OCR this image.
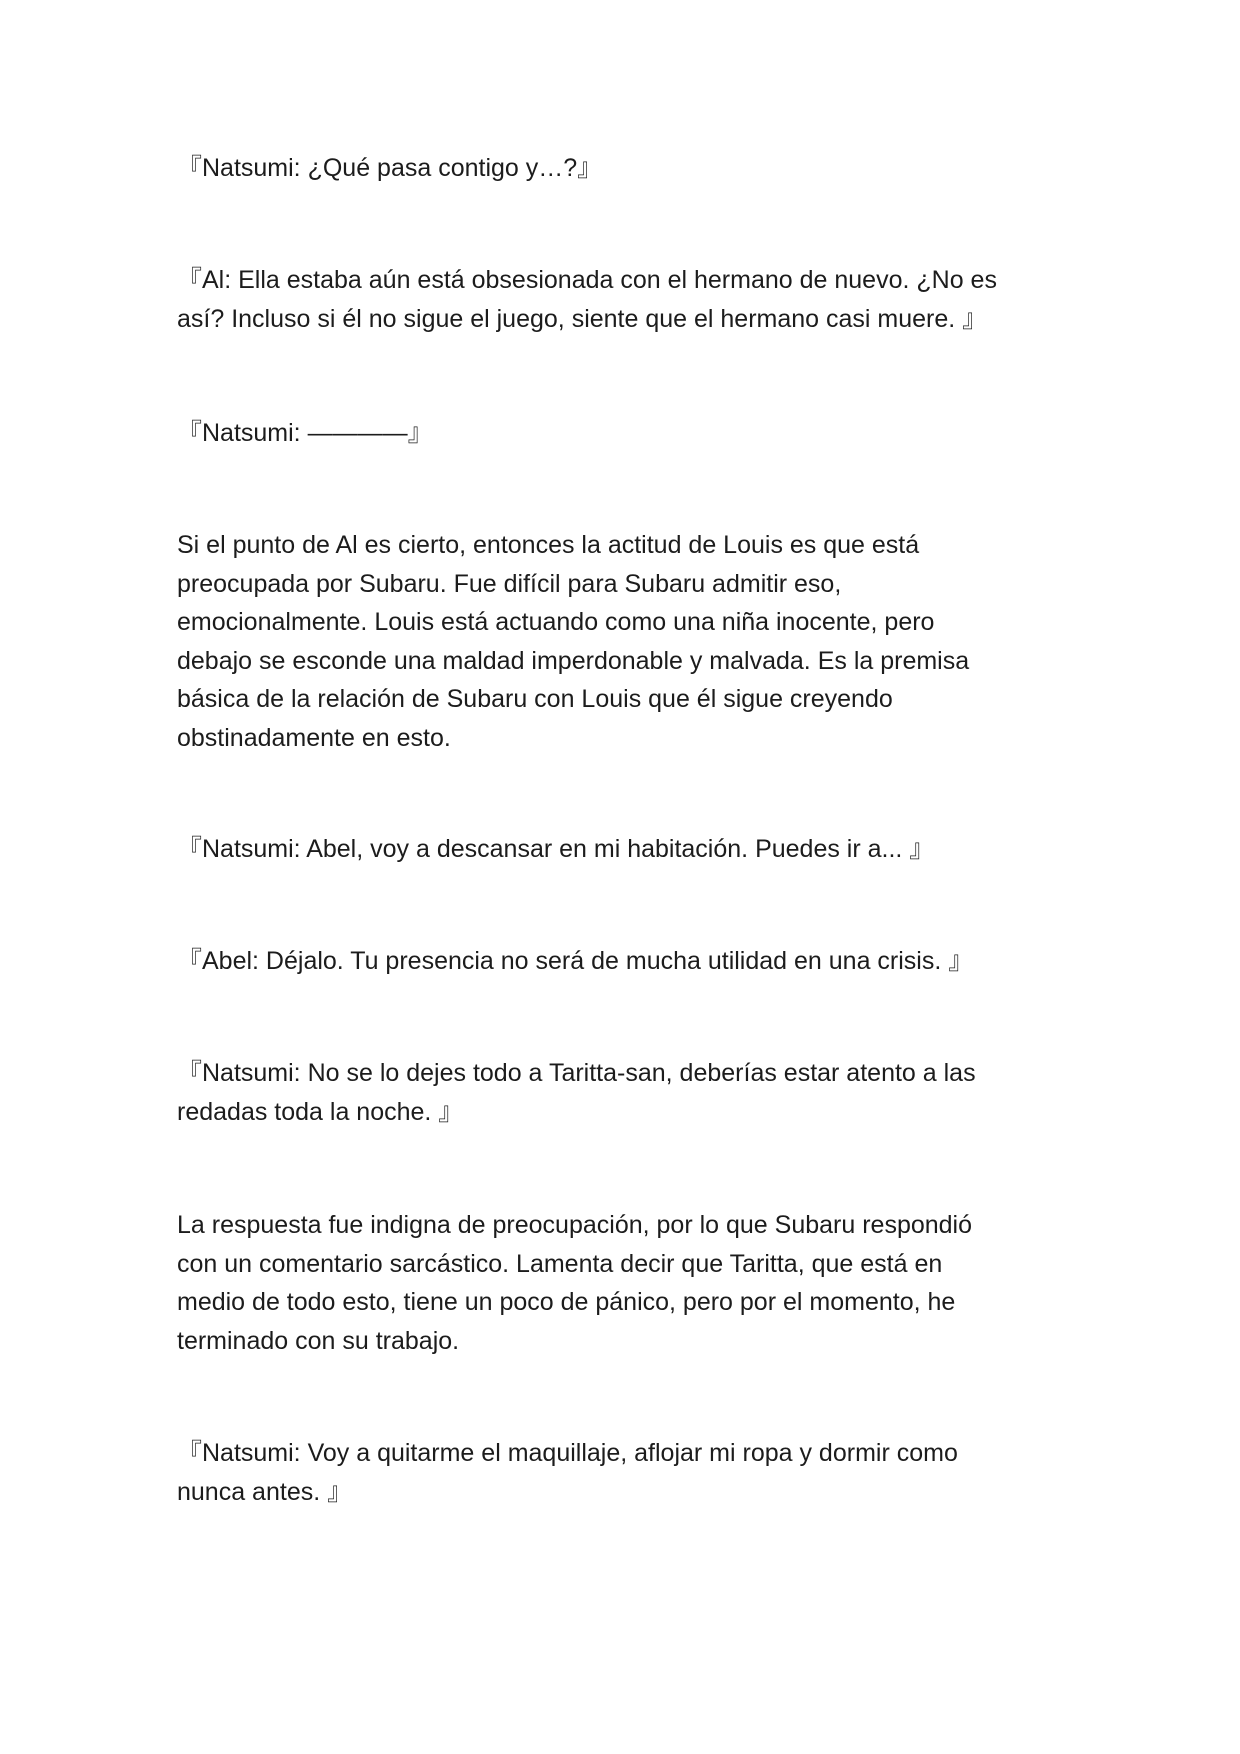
『Natsumi: ¿Qué pasa contigo y…?』

『Al: Ella estaba aún está obsesionada con el hermano de nuevo. ¿No es
así? Incluso si él no sigue el juego, siente que el hermano casi muere. 』

『Natsumi: ————』

Si el punto de Al es cierto, entonces la actitud de Louis es que está
preocupada por Subaru. Fue difícil para Subaru admitir eso,
emocionalmente. Louis está actuando como una niña inocente, pero
debajo se esconde una maldad imperdonable y malvada. Es la premisa
básica de la relación de Subaru con Louis que él sigue creyendo
obstinadamente en esto.

『Natsumi: Abel, voy a descansar en mi habitación. Puedes ir a... 』

『Abel: Déjalo. Tu presencia no será de mucha utilidad en una crisis. 』

『Natsumi: No se lo dejes todo a Taritta-san, deberías estar atento a las
redadas toda la noche. 』

La respuesta fue indigna de preocupación, por lo que Subaru respondió
con un comentario sarcástico. Lamenta decir que Taritta, que está en
medio de todo esto, tiene un poco de pánico, pero por el momento, he
terminado con su trabajo.

『Natsumi: Voy a quitarme el maquillaje, aflojar mi ropa y dormir como
nunca antes. 』
